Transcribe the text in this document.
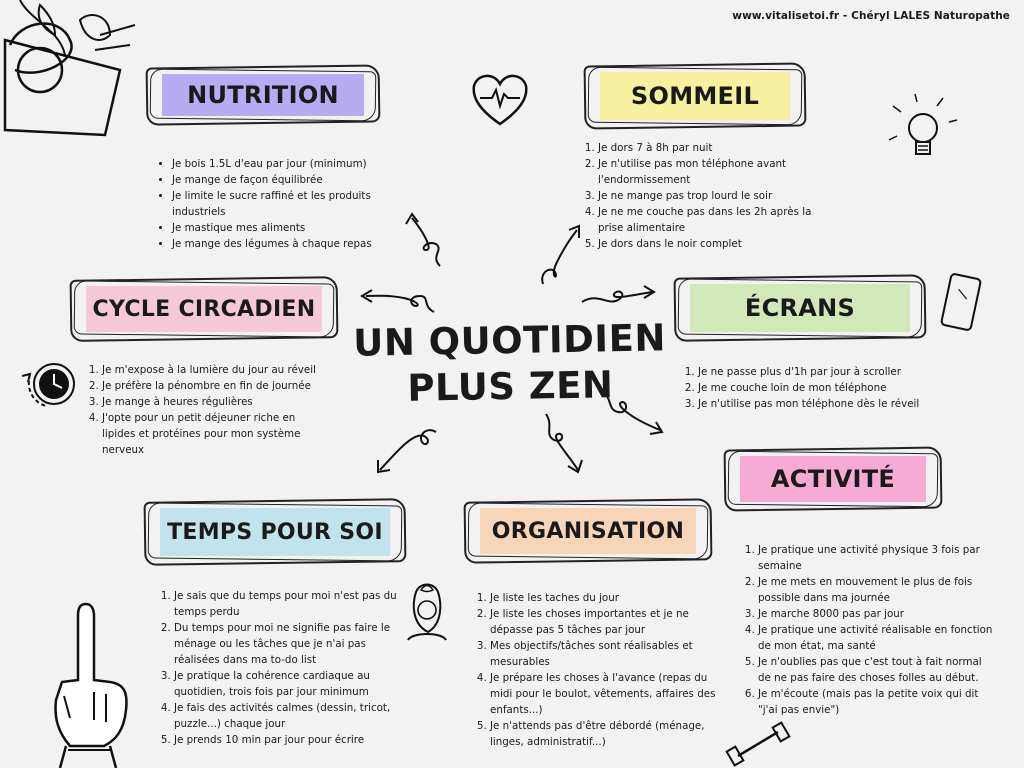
www.vitalisetoi.fr - Chéryl LALES Naturopathe
UN QUOTIDIEN
PLUS ZEN
NUTRITION
• Je bois 1.5L d'eau par jour (minimum)
• Je mange de façon équilibrée
• Je limite le sucre raffiné et les produits industriels
• Je mastique mes aliments
• Je mange des légumes à chaque repas
SOMMEIL
1. Je dors 7 à 8h par nuit
2. Je n'utilise pas mon téléphone avant l'endormissement
3. Je ne mange pas trop lourd le soir
4. Je ne me couche pas dans les 2h après la prise alimentaire
5. Je dors dans le noir complet
CYCLE CIRCADIEN
1. Je m'expose à la lumière du jour au réveil
2. Je préfère la pénombre en fin de journée
3. Je mange à heures régulières
4. J'opte pour un petit déjeuner riche en lipides et protéines pour mon système nerveux
ÉCRANS
1. Je ne passe plus d'1h par jour à scroller
2. Je me couche loin de mon téléphone
3. Je n'utilise pas mon téléphone dès le réveil
ACTIVITÉ
1. Je pratique une activité physique 3 fois par semaine
2. Je me mets en mouvement le plus de fois possible dans ma journée
3. Je marche 8000 pas par jour
4. Je pratique une activité réalisable en fonction de mon état, ma santé
5. Je n'oublies pas que c'est tout à fait normal de ne pas faire des choses folles au début.
6. Je m'écoute (mais pas la petite voix qui dit "j'ai pas envie")
TEMPS POUR SOI
1. Je sais que du temps pour moi n'est pas du temps perdu
2. Du temps pour moi ne signifie pas faire le ménage ou les tâches que je n'ai pas réalisées dans ma to-do list
3. Je pratique la cohérence cardiaque au quotidien, trois fois par jour minimum
4. Je fais des activités calmes (dessin, tricot, puzzle...) chaque jour
5. Je prends 10 min par jour pour écrire
ORGANISATION
1. Je liste les taches du jour
2. Je liste les choses importantes et je ne dépasse pas 5 tâches par jour
3. Mes objectifs/tâches sont réalisables et mesurables
4. Je prépare les choses à l'avance (repas du midi pour le boulot, vêtements, affaires des enfants...)
5. Je n'attends pas d'être débordé (ménage, linges, administratif...)
